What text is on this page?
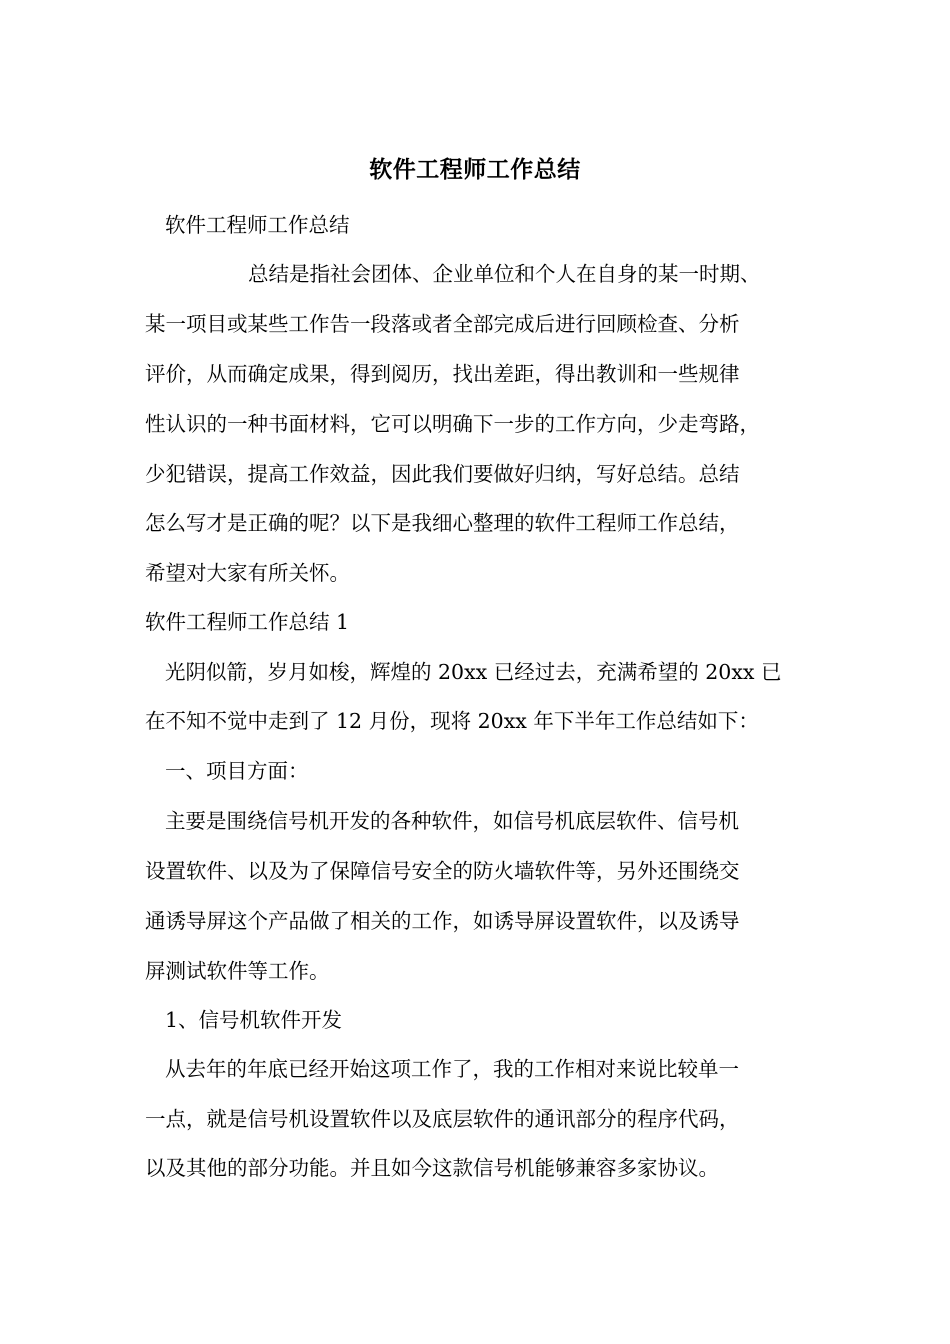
软件工程师工作总结
软件工程师工作总结
总结是指社会团体、企业单位和个人在自身的某一时期、
某一项目或某些工作告一段落或者全部完成后进行回顾检查、分析
评价，从而确定成果，得到阅历，找出差距，得出教训和一些规律
性认识的一种书面材料，它可以明确下一步的工作方向，少走弯路，
少犯错误，提高工作效益，因此我们要做好归纳，写好总结。总结
怎么写才是正确的呢？以下是我细心整理的软件工程师工作总结，
希望对大家有所关怀。
软件工程师工作总结 1
光阴似箭，岁月如梭，辉煌的 20xx 已经过去，充满希望的 20xx 已
在不知不觉中走到了 12 月份，现将 20xx 年下半年工作总结如下：
一、项目方面：
主要是围绕信号机开发的各种软件，如信号机底层软件、信号机
设置软件、以及为了保障信号安全的防火墙软件等，另外还围绕交
通诱导屏这个产品做了相关的工作，如诱导屏设置软件，以及诱导
屏测试软件等工作。
1、信号机软件开发
从去年的年底已经开始这项工作了，我的工作相对来说比较单一
一点，就是信号机设置软件以及底层软件的通讯部分的程序代码，
以及其他的部分功能。并且如今这款信号机能够兼容多家协议。
